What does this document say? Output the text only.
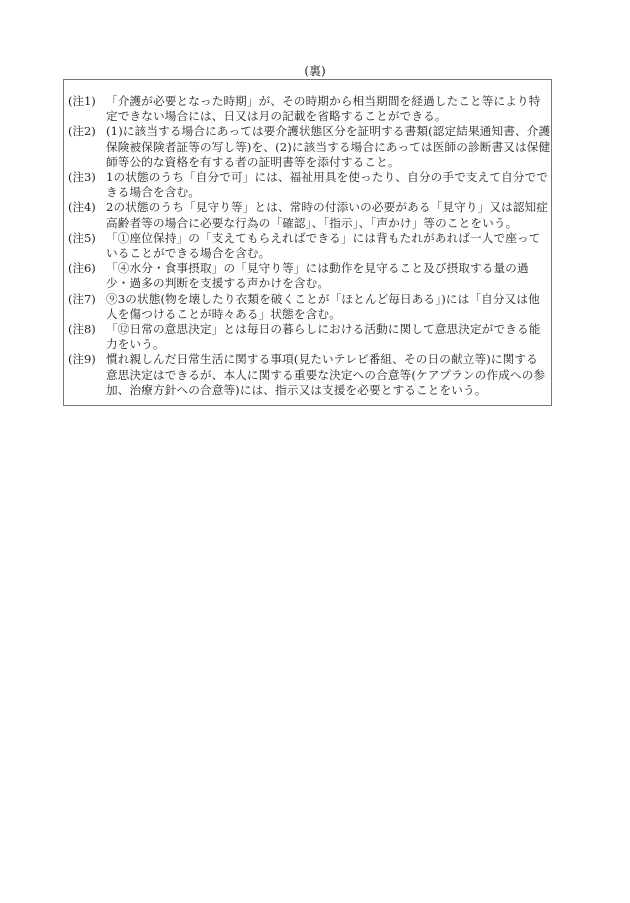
(裏)
(注1) 「介護が必要となった時期」が、その時期から相当期間を経過したこと等により特
定できない場合には、日又は月の記載を省略することができる。
(注2) (1)に該当する場合にあっては要介護状態区分を証明する書類(認定結果通知書、介護
保険被保険者証等の写し等)を、(2)に該当する場合にあっては医師の診断書又は保健
師等公的な資格を有する者の証明書等を添付すること。
(注3) 1の状態のうち「自分で可」には、福祉用具を使ったり、自分の手で支えて自分でで
きる場合を含む。
(注4) 2の状態のうち「見守り等」とは、常時の付添いの必要がある「見守り」又は認知症
高齢者等の場合に必要な行為の「確認」、「指示」、「声かけ」等のことをいう。
(注5) 「①座位保持」の「支えてもらえればできる」には背もたれがあれば一人で座って
いることができる場合を含む。
(注6) 「④水分・食事摂取」の「見守り等」には動作を見守ること及び摂取する量の過
少・過多の判断を支援する声かけを含む。
(注7) ⑨3の状態(物を壊したり衣類を破くことが「ほとんど毎日ある」)には「自分又は他
人を傷つけることが時々ある」状態を含む。
(注8) 「⑫日常の意思決定」とは毎日の暮らしにおける活動に関して意思決定ができる能
力をいう。
(注9) 慣れ親しんだ日常生活に関する事項(見たいテレビ番組、その日の献立等)に関する
意思決定はできるが、本人に関する重要な決定への合意等(ケアプランの作成への参
加、治療方針への合意等)には、指示又は支援を必要とすることをいう。
